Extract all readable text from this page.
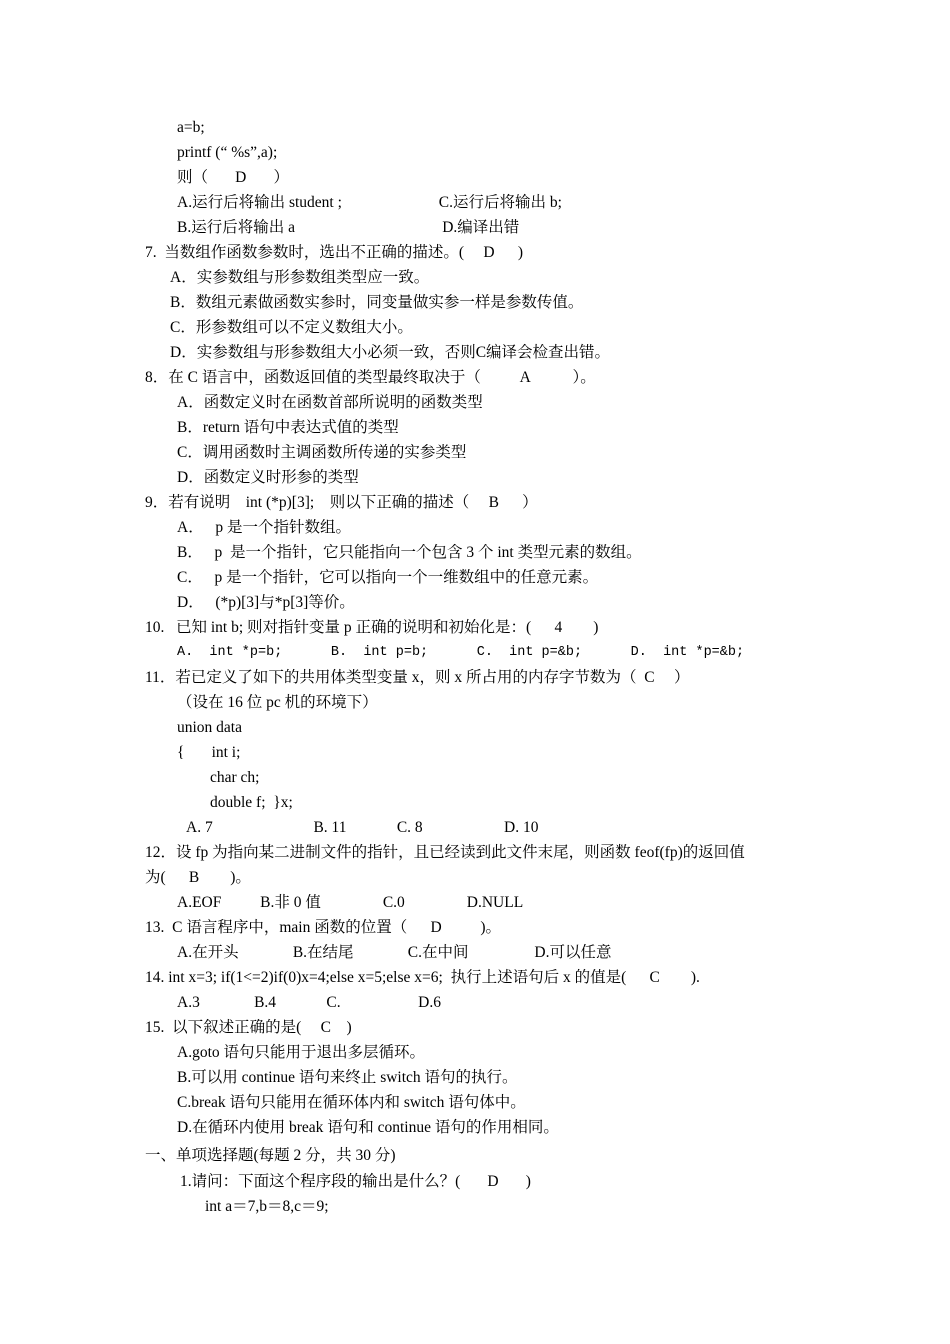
a=b;
printf (“ %s”,a);
则（       D       ）
A.运行后将输出 student ;                         C.运行后将输出 b;
B.运行后将输出 a                                      D.编译出错
7.  当数组作函数参数时，选出不正确的描述。(     D      )
A．实参数组与形参数组类型应一致。
B．数组元素做函数实参时，同变量做实参一样是参数传值。
C．形参数组可以不定义数组大小。
D．实参数组与形参数组大小必须一致，否则C编译会检查出错。
8．在 C 语言中，函数返回值的类型最终取决于（          A           ）。
A．函数定义时在函数首部所说明的函数类型
B．return 语句中表达式值的类型
C．调用函数时主调函数所传递的实参类型
D．函数定义时形参的类型
9．若有说明    int (*p)[3];    则以下正确的描述（     B      ）
A．   p 是一个指针数组。
B．   p  是一个指针，它只能指向一个包含 3 个 int 类型元素的数组。
C．   p 是一个指针，它可以指向一个一维数组中的任意元素。
D．   (*p)[3]与*p[3]等价。
10.   已知 int b; 则对指针变量 p 正确的说明和初始化是：(      4        )
A.  int *p=b;      B.  int p=b;      C.  int p=&b;      D.  int *p=&b;
11．若已定义了如下的共用体类型变量 x，则 x 所占用的内存字节数为（  C     ）
（设在 16 位 pc 机的环境下）
union data
{       int i;
char ch;
double f;  }x;
A. 7                          B. 11             C. 8                     D. 10
12．设 fp 为指向某二进制文件的指针，且已经读到此文件末尾，则函数 feof(fp)的返回值
为(      B        )。
A.EOF          B.非 0 值                C.0                D.NULL
13.  C 语言程序中，main 函数的位置（      D          )。
A.在开头              B.在结尾              C.在中间                 D.可以任意
14. int x=3; if(1<=2)if(0)x=4;else x=5;else x=6;  执行上述语句后 x 的值是(      C        ).
A.3              B.4             C.                    D.6
15.  以下叙述正确的是(     C    )
A.goto 语句只能用于退出多层循环。
B.可以用 continue 语句来终止 switch 语句的执行。
C.break 语句只能用在循环体内和 switch 语句体中。
D.在循环内使用 break 语句和 continue 语句的作用相同。
一、单项选择题(每题 2 分，共 30 分)
1.请问：下面这个程序段的输出是什么？(       D       )
int a＝7,b＝8,c＝9;
